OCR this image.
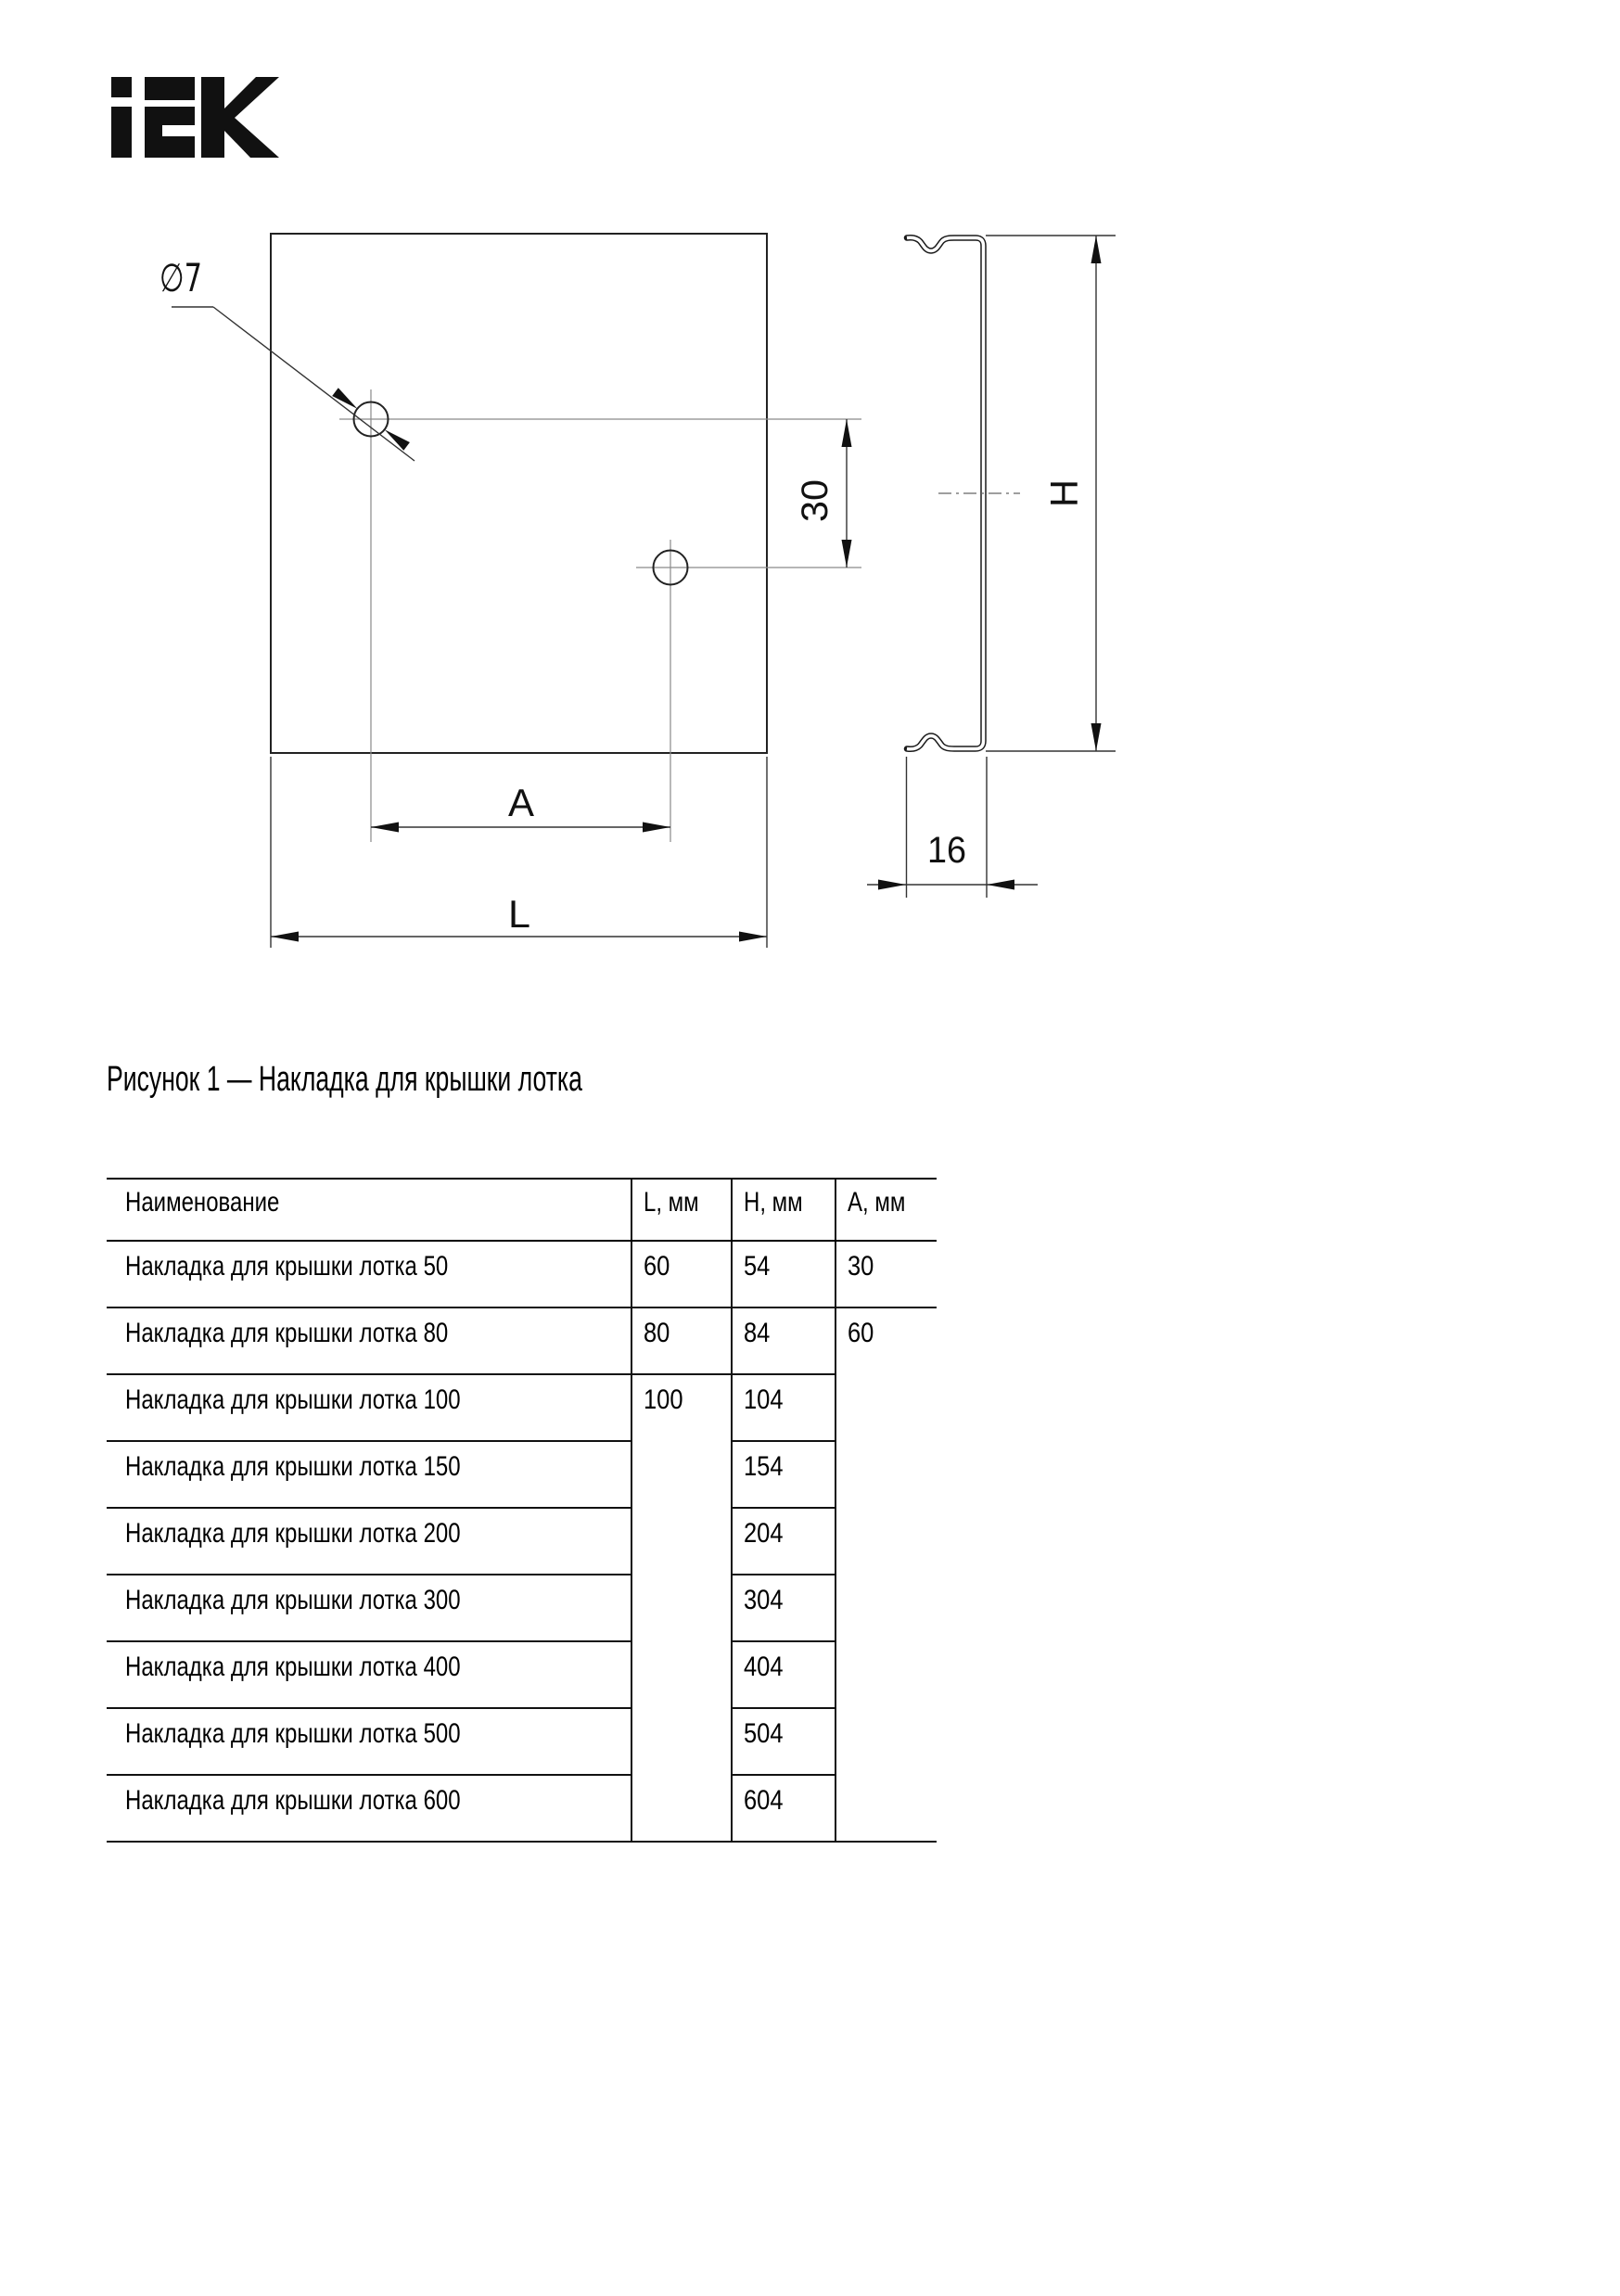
∅7
30
A
L
H
16
Рисунок 1 — Накладка для крышки лотка
Наименование	L, мм	H, мм	A, мм
Накладка для крышки лотка 50	60	54	30
Накладка для крышки лотка 80	80	84	60
Накладка для крышки лотка 100	100	104	
Накладка для крышки лотка 150		154	
Накладка для крышки лотка 200		204	
Накладка для крышки лотка 300		304	
Накладка для крышки лотка 400		404	
Накладка для крышки лотка 500		504	
Накладка для крышки лотка 600		604	
